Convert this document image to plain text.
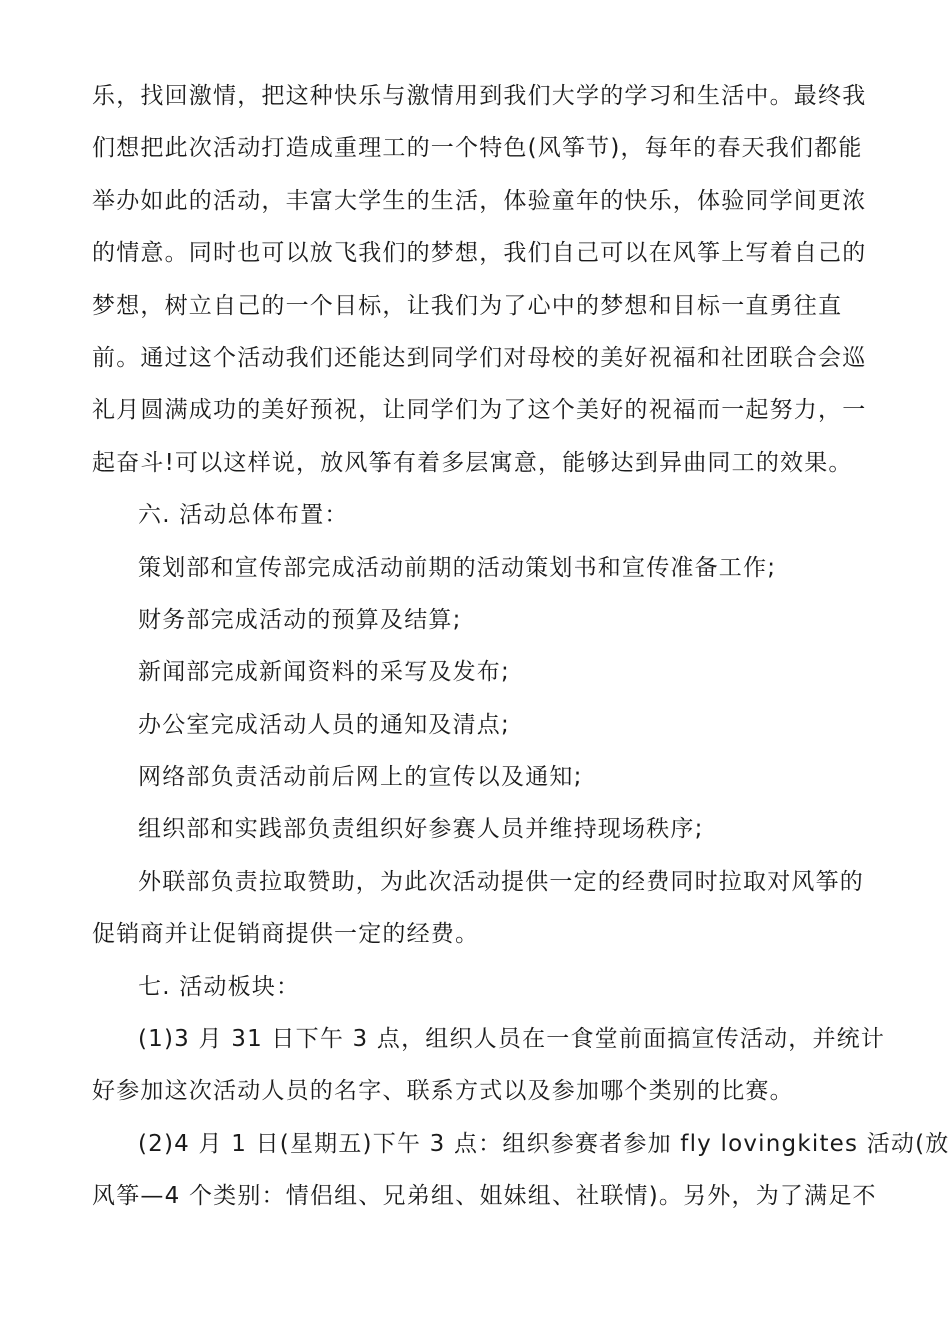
乐，找回激情，把这种快乐与激情用到我们大学的学习和生活中。最终我
们想把此次活动打造成重理工的一个特色(风筝节)，每年的春天我们都能
举办如此的活动，丰富大学生的生活，体验童年的快乐，体验同学间更浓
的情意。同时也可以放飞我们的梦想，我们自己可以在风筝上写着自己的
梦想，树立自己的一个目标，让我们为了心中的梦想和目标一直勇往直
前。通过这个活动我们还能达到同学们对母校的美好祝福和社团联合会巡
礼月圆满成功的美好预祝，让同学们为了这个美好的祝福而一起努力，一
起奋斗!可以这样说，放风筝有着多层寓意，能够达到异曲同工的效果。
六. 活动总体布置：
策划部和宣传部完成活动前期的活动策划书和宣传准备工作;
财务部完成活动的预算及结算;
新闻部完成新闻资料的采写及发布;
办公室完成活动人员的通知及清点;
网络部负责活动前后网上的宣传以及通知;
组织部和实践部负责组织好参赛人员并维持现场秩序;
外联部负责拉取赞助，为此次活动提供一定的经费同时拉取对风筝的
促销商并让促销商提供一定的经费。
七. 活动板块：
(1)3 月 31 日下午 3 点，组织人员在一食堂前面搞宣传活动，并统计
好参加这次活动人员的名字、联系方式以及参加哪个类别的比赛。
(2)4 月 1 日(星期五)下午 3 点：组织参赛者参加 fly lovingkites 活动(放
风筝—4 个类别：情侣组、兄弟组、姐妹组、社联情)。另外，为了满足不
